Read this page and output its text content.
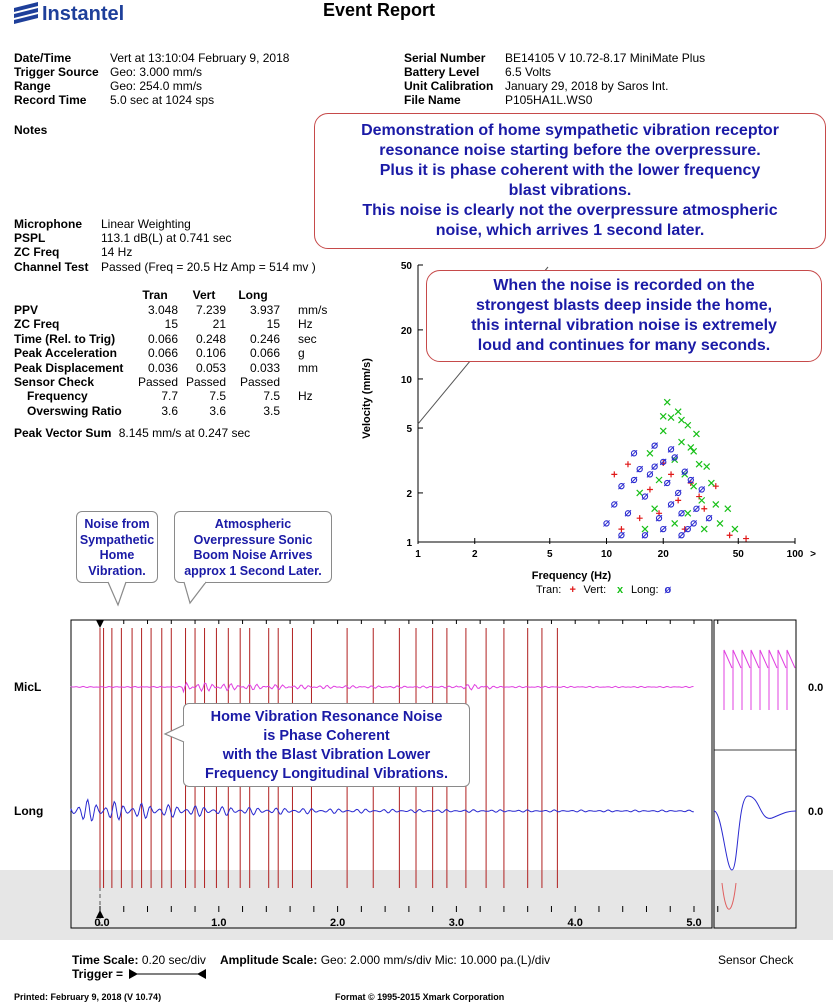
Instantel	Event Report
Date/Time	Vert at 13:10:04 February 9, 2018
Trigger Source Geo: 3.000 mm/s
Range	Geo: 254.0 mm/s
Record Time 5.0 sec at 1024 sps
Serial Number BE14105 V 10.72-8.17 MiniMate Plus
Battery Level 6.5 Volts
Unit Calibration January 29, 2018 by Saros Int.
File Name	P105HA1L.WS0
Notes
Microphone Linear Weighting
PSPL	113.1 dB(L) at 0.741 sec
ZC Freq	14 Hz
Channel Test Passed (Freq = 20.5 Hz Amp = 514 mv )
Tran	Vert	Long
PPV	3.048	7.239	3.937 mm/s
ZC Freq	15	21	15 Hz
Time (Rel. to Trig)	0.066	0.248	0.246 sec
Peak Acceleration	0.066	0.106	0.066 g
Peak Displacement	0.036	0.053	0.033 mm
Sensor Check	Passed Passed	Passed
Frequency	7.7	7.5	7.5 Hz
Overswing Ratio	3.6	3.6	3.5
Peak Vector Sum 8.145 mm/s at 0.247 sec
1	2	5	10	20	50	100 >
1
2
5
10
20
50
Velocity (mm/s)
Frequency (Hz)
Tran: + Vert: x Long: ø
Demonstration of home sympathetic vibration receptor
resonance noise starting before the overpressure.
Plus it is phase coherent with the lower frequency
blast vibrations.
This noise is clearly not the overpressure atmospheric
noise, which arrives 1 second later.
When the noise is recorded on the
strongest blasts deep inside the home,
this internal vibration noise is extremely
loud and continues for many seconds.
MicL
Long
0.0
0.0
0.0	1.0	2.0	3.0	4.0	5.0
Noise from
Sympathetic
Home
Vibration.
Atmospheric
Overpressure Sonic
Boom Noise Arrives
approx 1 Second Later.
Home Vibration Resonance Noise
is Phase Coherent
with the Blast Vibration Lower
Frequency Longitudinal Vibrations.
Time Scale: 0.20 sec/div Amplitude Scale: Geo: 2.000 mm/s/div Mic: 10.000 pa.(L)/div
Trigger =
Sensor Check
Printed: February 9, 2018 (V 10.74)	Format © 1995-2015 Xmark Corporation
